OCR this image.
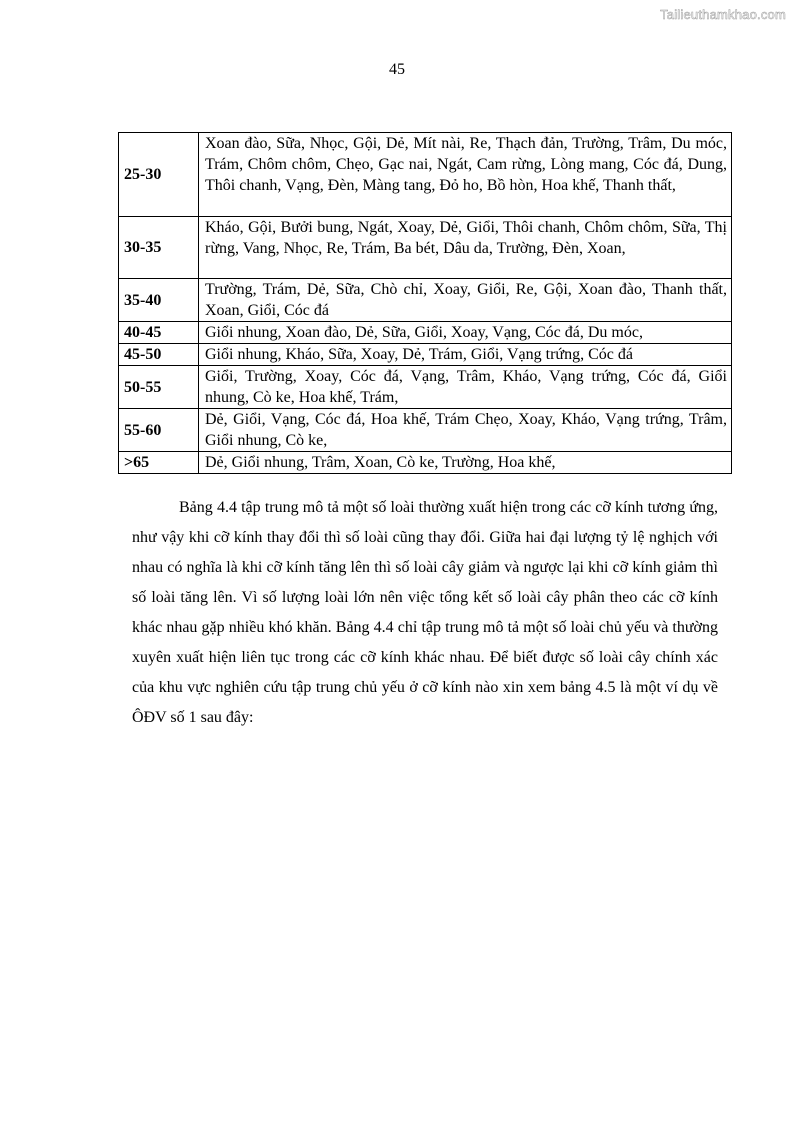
Tailieuthamkhao.com
45
25-30	Xoan đào, Sữa, Nhọc, Gội, Dẻ, Mít nài, Re, Thạch đản, Trường, Trâm, Du móc, Trám, Chôm chôm, Chẹo, Gạc nai, Ngát, Cam rừng, Lòng mang, Cóc đá, Dung, Thôi chanh, Vạng, Đèn, Màng tang, Đỏ ho, Bồ hòn, Hoa khế, Thanh thất,
30-35	Kháo, Gội, Bưởi bung, Ngát, Xoay, Dẻ, Giổi, Thôi chanh, Chôm chôm, Sữa, Thị rừng, Vang, Nhọc, Re, Trám, Ba bét, Dâu da, Trường, Đèn, Xoan,
35-40	Trường, Trám, Dẻ, Sữa, Chò chỉ, Xoay, Giổi, Re, Gội, Xoan đào, Thanh thất, Xoan, Giổi, Cóc đá
40-45	Giổi nhung, Xoan đào, Dẻ, Sữa, Giổi, Xoay, Vạng, Cóc đá, Du móc,
45-50	Giổi nhung, Kháo, Sữa, Xoay, Dẻ, Trám, Giổi, Vạng trứng, Cóc đá
50-55	Giổi, Trường, Xoay, Cóc đá, Vạng, Trâm, Kháo, Vạng trứng, Cóc đá, Giổi nhung, Cò ke, Hoa khế, Trám,
55-60	Dẻ, Giổi, Vạng, Cóc đá, Hoa khế, Trám Chẹo, Xoay, Kháo, Vạng trứng, Trâm, Giổi nhung, Cò ke,
>65	Dẻ, Giổi nhung, Trâm, Xoan, Cò ke, Trường, Hoa khế,

Bảng 4.4 tập trung mô tả một số loài thường xuất hiện trong các cỡ kính tương ứng, như vậy khi cỡ kính thay đổi thì số loài cũng thay đổi. Giữa hai đại lượng tỷ lệ nghịch với nhau có nghĩa là khi cỡ kính tăng lên thì số loài cây giảm và ngược lại khi cỡ kính giảm thì số loài tăng lên. Vì số lượng loài lớn nên việc tổng kết số loài cây phân theo các cỡ kính khác nhau gặp nhiều khó khăn. Bảng 4.4 chỉ tập trung mô tả một số loài chủ yếu và thường xuyên xuất hiện liên tục trong các cỡ kính khác nhau. Để biết được số loài cây chính xác của khu vực nghiên cứu tập trung chủ yếu ở cỡ kính nào xin xem bảng 4.5 là một ví dụ về ÔĐV số 1 sau đây:
